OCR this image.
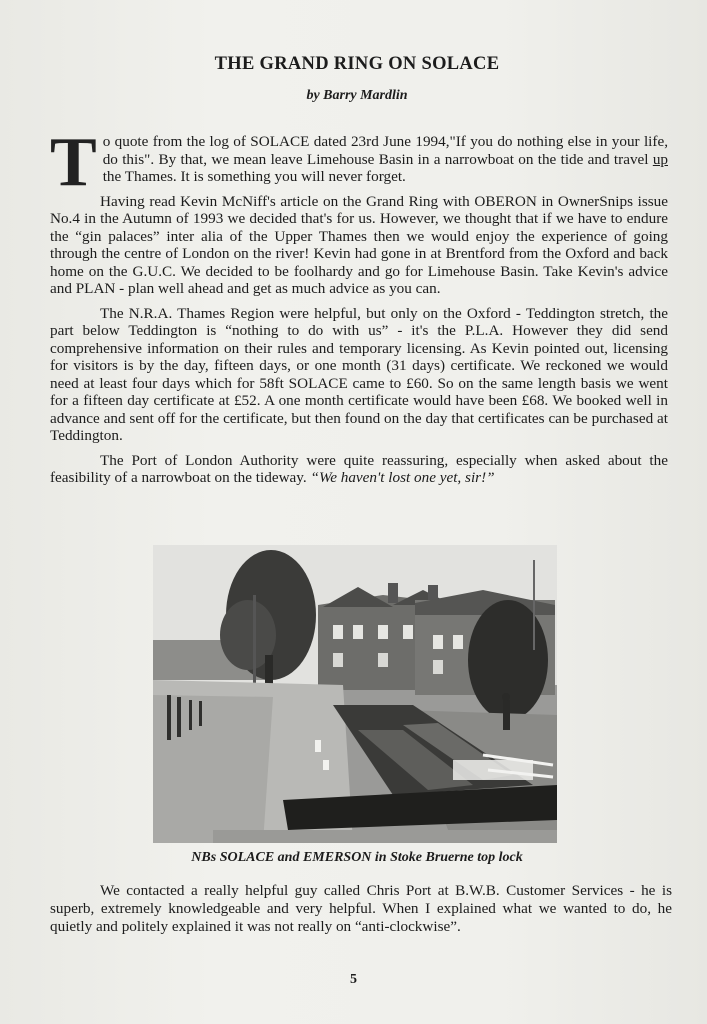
THE GRAND RING ON SOLACE
by Barry Mardlin

To quote from the log of SOLACE dated 23rd June 1994,"If you do nothing else in your life, do this". By that, we mean leave Limehouse Basin in a narrowboat on the tide and travel up the Thames. It is something you will never forget.

Having read Kevin McNiff's article on the Grand Ring with OBERON in OwnerSnips issue No.4 in the Autumn of 1993 we decided that's for us. However, we thought that if we have to endure the “gin palaces” inter alia of the Upper Thames then we would enjoy the experience of going through the centre of London on the river! Kevin had gone in at Brentford from the Oxford and back home on the G.U.C. We decided to be foolhardy and go for Limehouse Basin. Take Kevin's advice and PLAN - plan well ahead and get as much advice as you can.

The N.R.A. Thames Region were helpful, but only on the Oxford - Teddington stretch, the part below Teddington is “nothing to do with us” - it's the P.L.A. However they did send comprehensive information on their rules and temporary licensing. As Kevin pointed out, licensing for visitors is by the day, fifteen days, or one month (31 days) certificate. We reckoned we would need at least four days which for 58ft SOLACE came to £60. So on the same length basis we went for a fifteen day certificate at £52. A one month certificate would have been £68. We booked well in advance and sent off for the certificate, but then found on the day that certificates can be purchased at Teddington.

The Port of London Authority were quite reassuring, especially when asked about the feasibility of a narrowboat on the tideway. “We haven't lost one yet, sir!”

NBs SOLACE and EMERSON in Stoke Bruerne top lock

We contacted a really helpful guy called Chris Port at B.W.B. Customer Services - he is superb, extremely knowledgeable and very helpful. When I explained what we wanted to do, he quietly and politely explained it was not really on “anti-clockwise”.

5
